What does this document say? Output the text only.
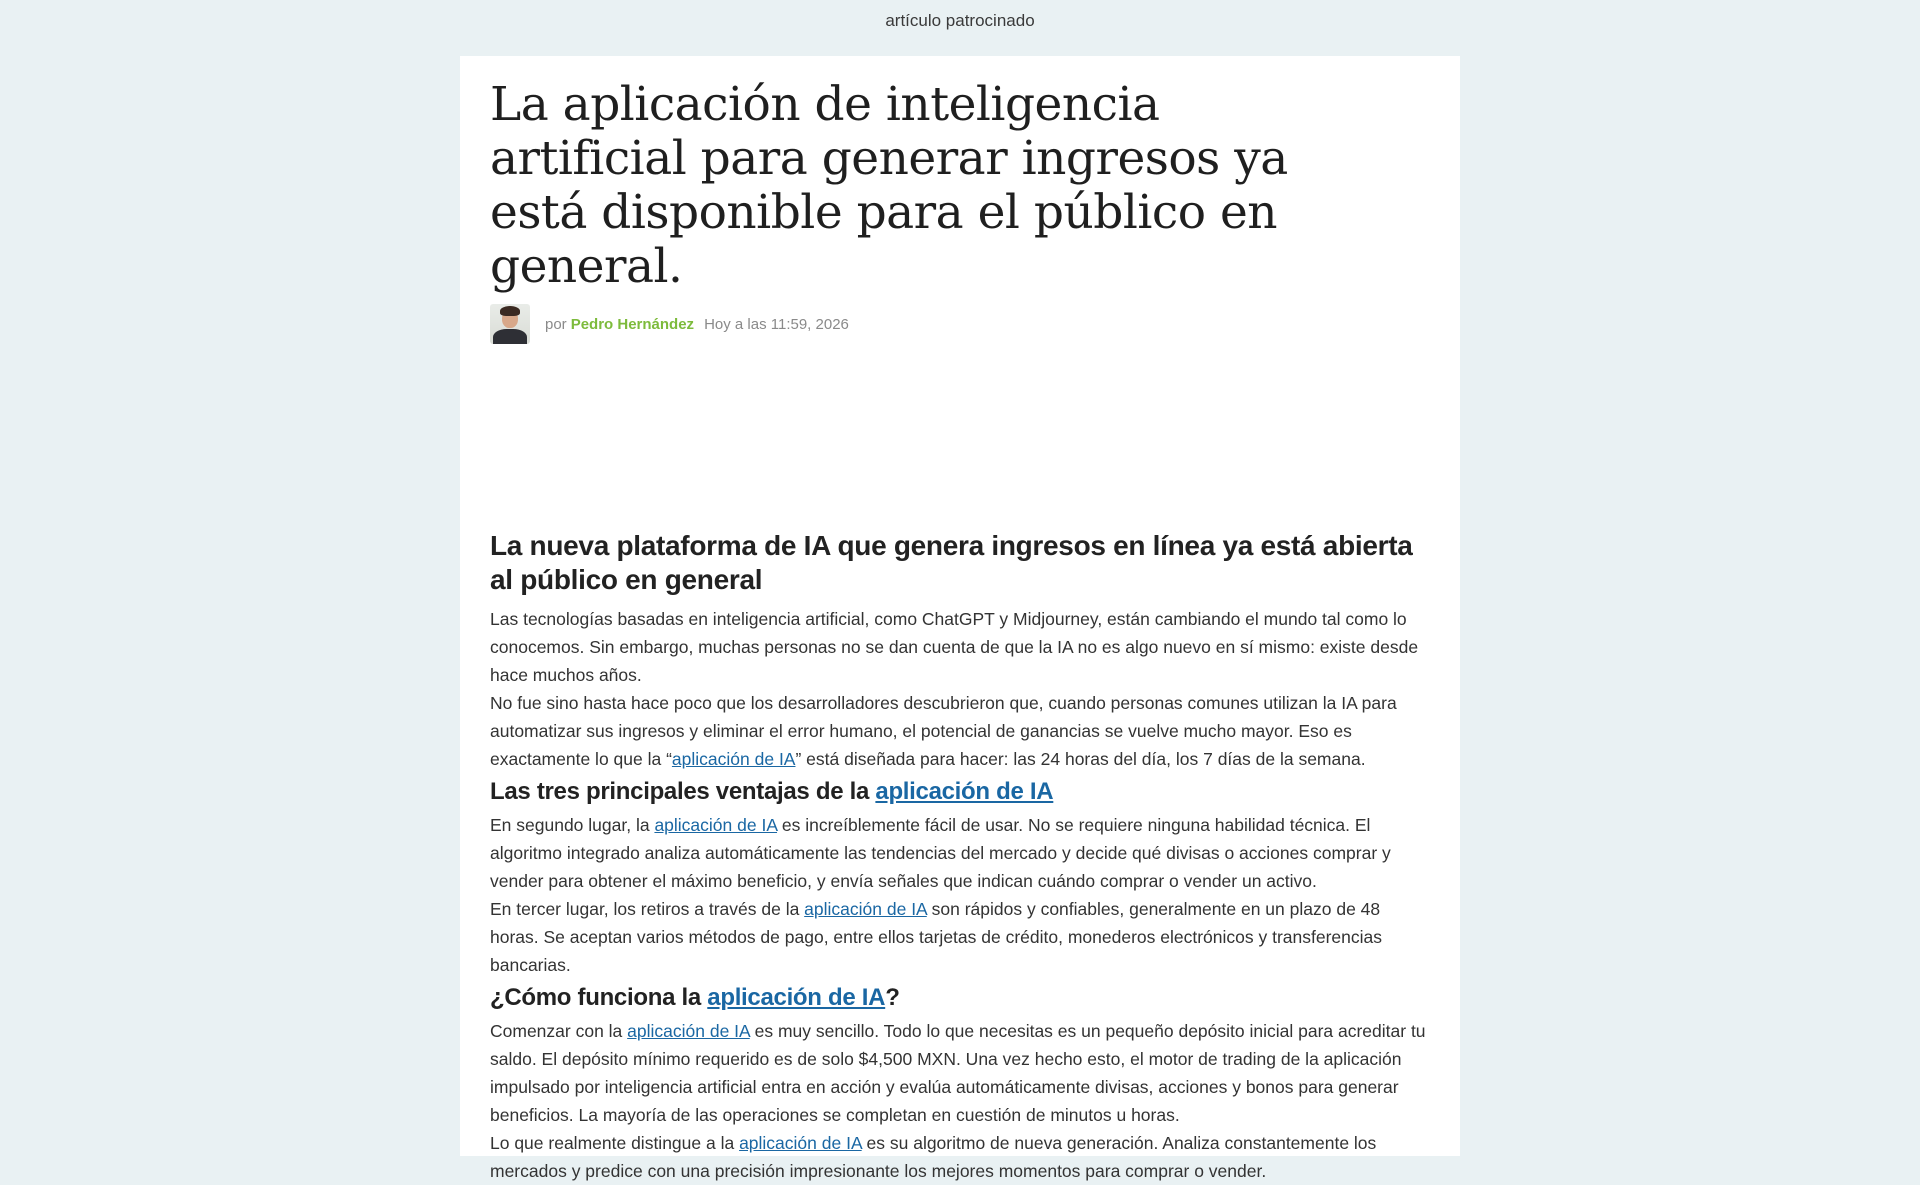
artículo patrocinado
La aplicación de inteligencia artificial para generar ingresos ya está disponible para el público en general.
por Pedro Hernández Hoy a las 11:59, 2026
La nueva plataforma de IA que genera ingresos en línea ya está abierta al público en general

Las tecnologías basadas en inteligencia artificial, como ChatGPT y Midjourney, están cambiando el mundo tal como lo conocemos. Sin embargo, muchas personas no se dan cuenta de que la IA no es algo nuevo en sí mismo: existe desde hace muchos años.

No fue sino hasta hace poco que los desarrolladores descubrieron que, cuando personas comunes utilizan la IA para automatizar sus ingresos y eliminar el error humano, el potencial de ganancias se vuelve mucho mayor. Eso es exactamente lo que la “aplicación de IA” está diseñada para hacer: las 24 horas del día, los 7 días de la semana.

Las tres principales ventajas de la aplicación de IA

En segundo lugar, la aplicación de IA es increíblemente fácil de usar. No se requiere ninguna habilidad técnica. El algoritmo integrado analiza automáticamente las tendencias del mercado y decide qué divisas o acciones comprar y vender para obtener el máximo beneficio, y envía señales que indican cuándo comprar o vender un activo.

En tercer lugar, los retiros a través de la aplicación de IA son rápidos y confiables, generalmente en un plazo de 48 horas. Se aceptan varios métodos de pago, entre ellos tarjetas de crédito, monederos electrónicos y transferencias bancarias.

¿Cómo funciona la aplicación de IA?

Comenzar con la aplicación de IA es muy sencillo. Todo lo que necesitas es un pequeño depósito inicial para acreditar tu saldo. El depósito mínimo requerido es de solo $4,500 MXN. Una vez hecho esto, el motor de trading de la aplicación impulsado por inteligencia artificial entra en acción y evalúa automáticamente divisas, acciones y bonos para generar beneficios. La mayoría de las operaciones se completan en cuestión de minutos u horas.

Lo que realmente distingue a la aplicación de IA es su algoritmo de nueva generación. Analiza constantemente los mercados y predice con una precisión impresionante los mejores momentos para comprar o vender.
